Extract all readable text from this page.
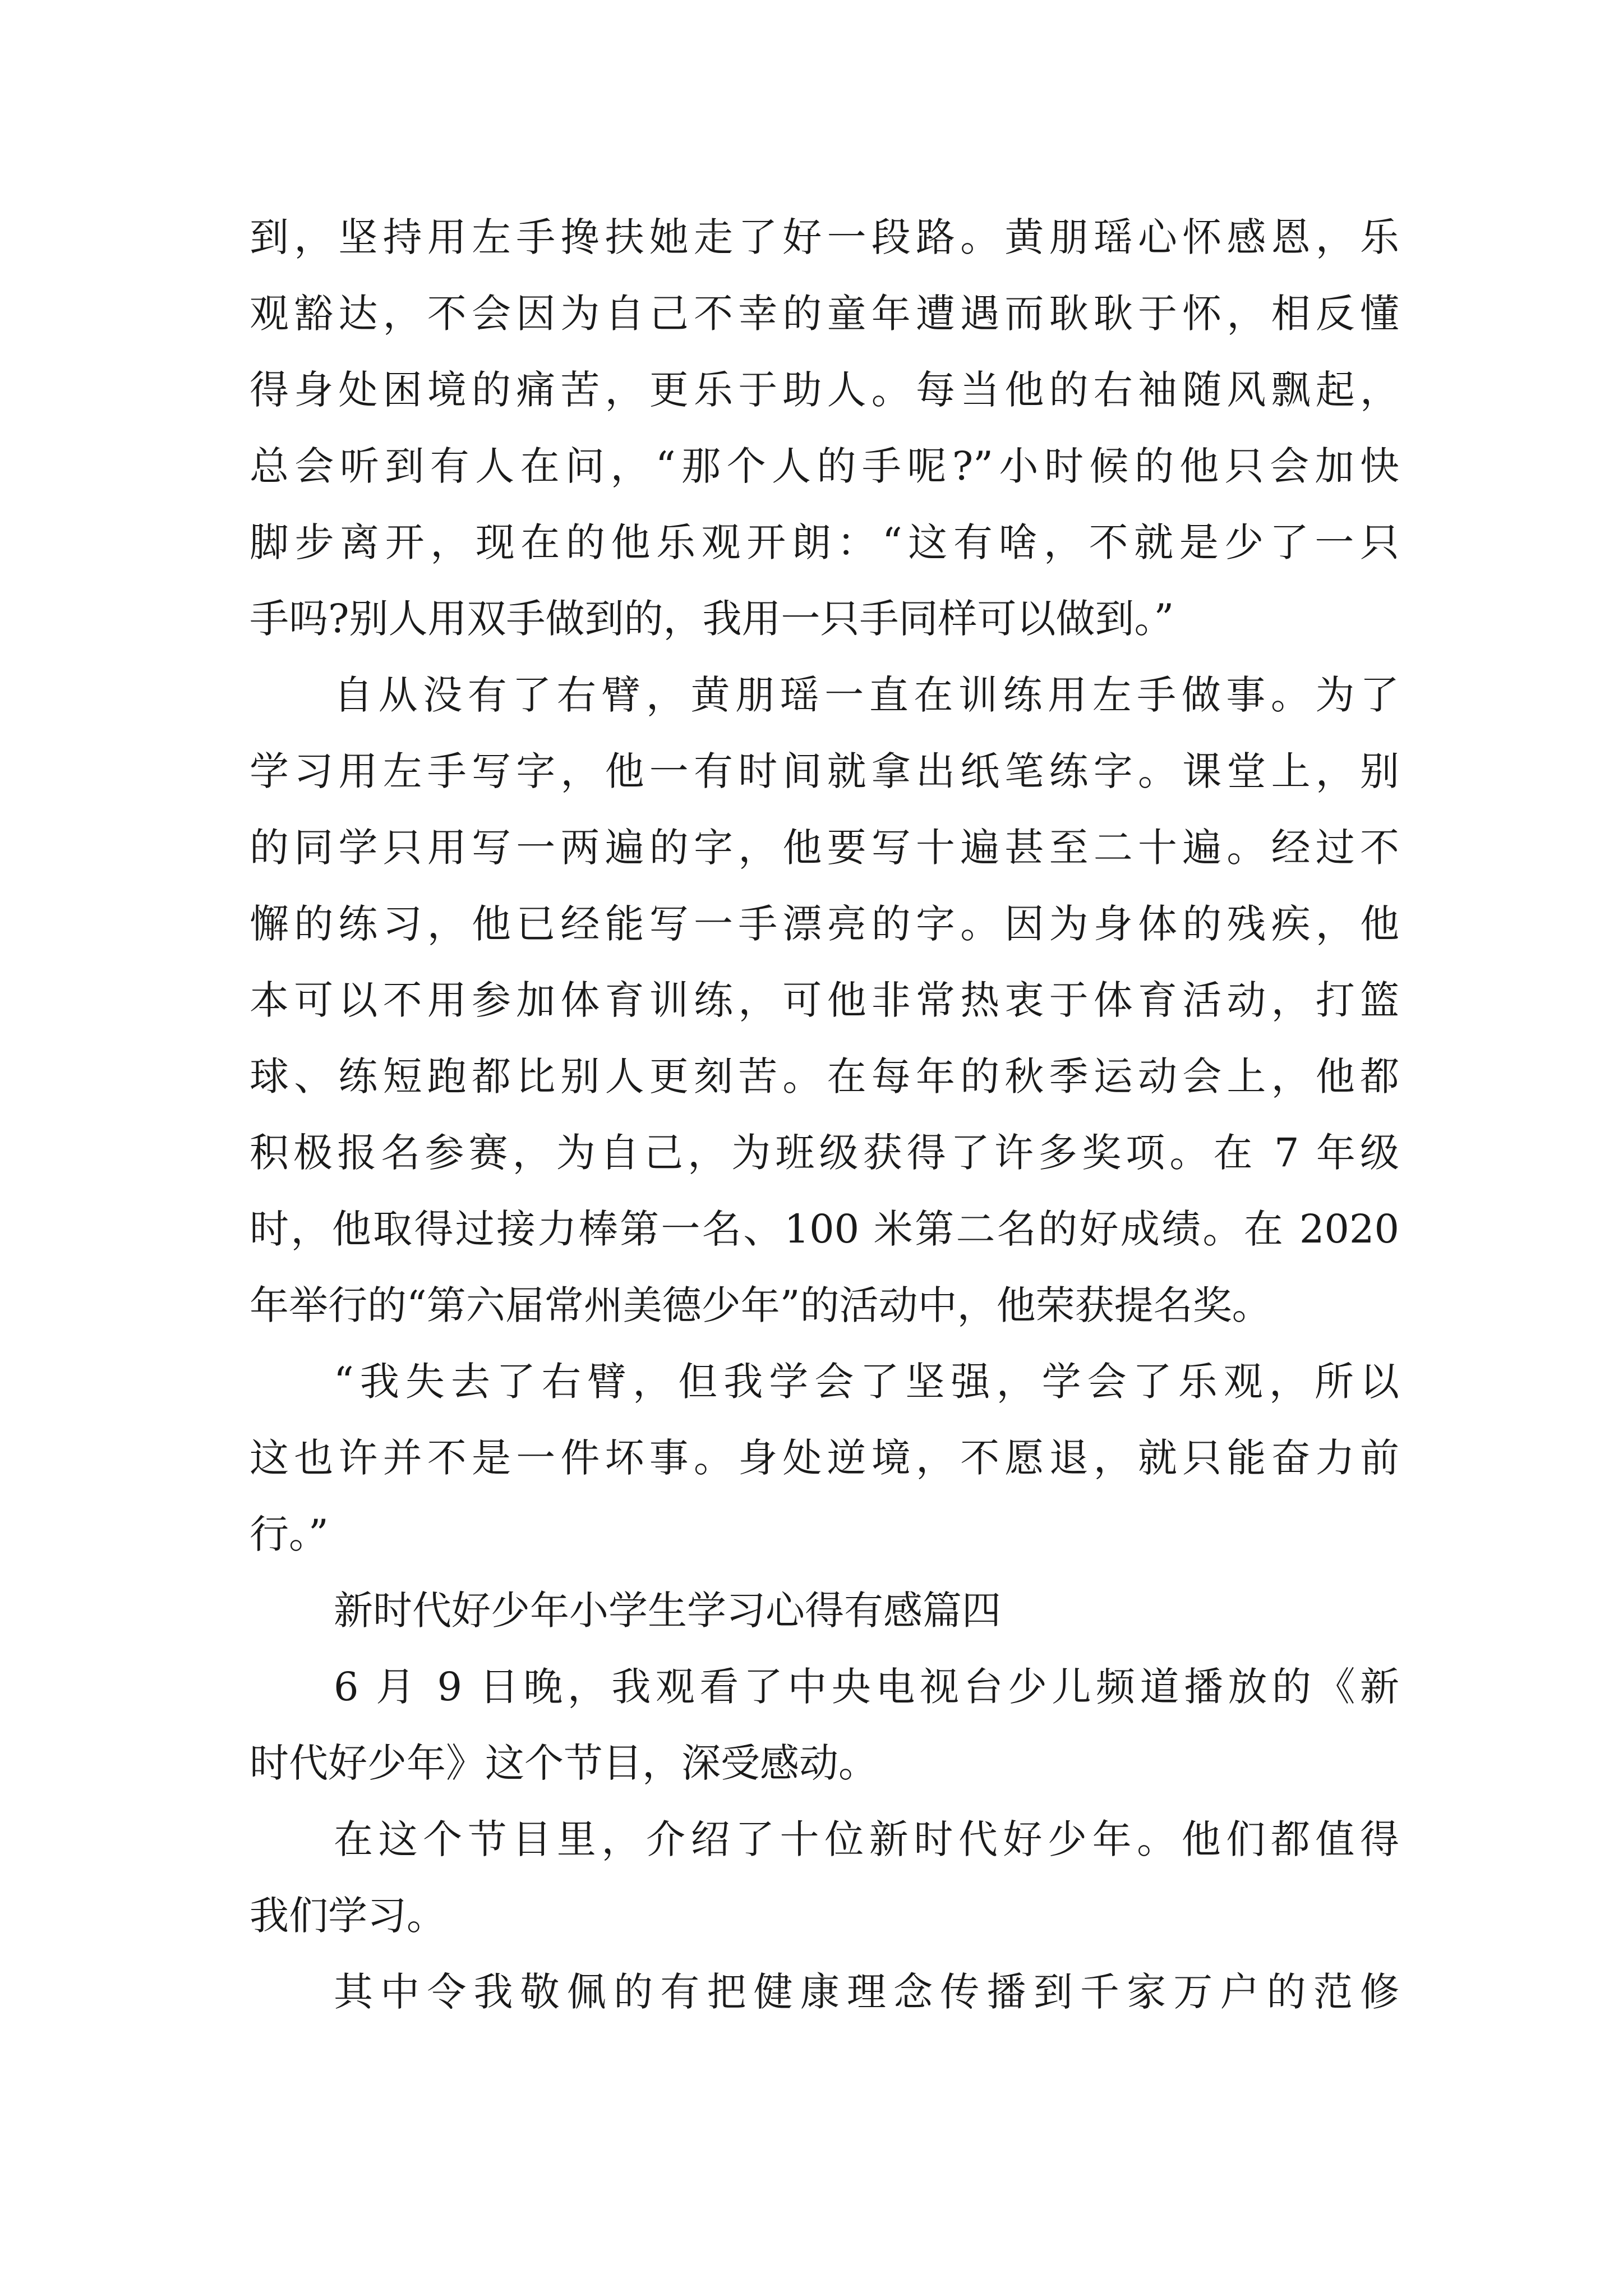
到，坚持用左手搀扶她走了好一段路。黄朋瑶心怀感恩，乐
观豁达，不会因为自己不幸的童年遭遇而耿耿于怀，相反懂
得身处困境的痛苦，更乐于助人。每当他的右袖随风飘起，
总会听到有人在问，“那个人的手呢?”小时候的他只会加快
脚步离开，现在的他乐观开朗：“这有啥，不就是少了一只
手吗?别人用双手做到的，我用一只手同样可以做到。”
自从没有了右臂，黄朋瑶一直在训练用左手做事。为了
学习用左手写字，他一有时间就拿出纸笔练字。课堂上，别
的同学只用写一两遍的字，他要写十遍甚至二十遍。经过不
懈的练习，他已经能写一手漂亮的字。因为身体的残疾，他
本可以不用参加体育训练，可他非常热衷于体育活动，打篮
球、练短跑都比别人更刻苦。在每年的秋季运动会上，他都
积极报名参赛，为自己，为班级获得了许多奖项。在 7 年级
时，他取得过接力棒第一名、100 米第二名的好成绩。在 2020
年举行的“第六届常州美德少年”的活动中，他荣获提名奖。
“我失去了右臂，但我学会了坚强，学会了乐观，所以
这也许并不是一件坏事。身处逆境，不愿退，就只能奋力前
行。”
新时代好少年小学生学习心得有感篇四
6 月 9 日晚，我观看了中央电视台少儿频道播放的《新
时代好少年》这个节目，深受感动。
在这个节目里，介绍了十位新时代好少年。他们都值得
我们学习。
其中令我敬佩的有把健康理念传播到千家万户的范修
